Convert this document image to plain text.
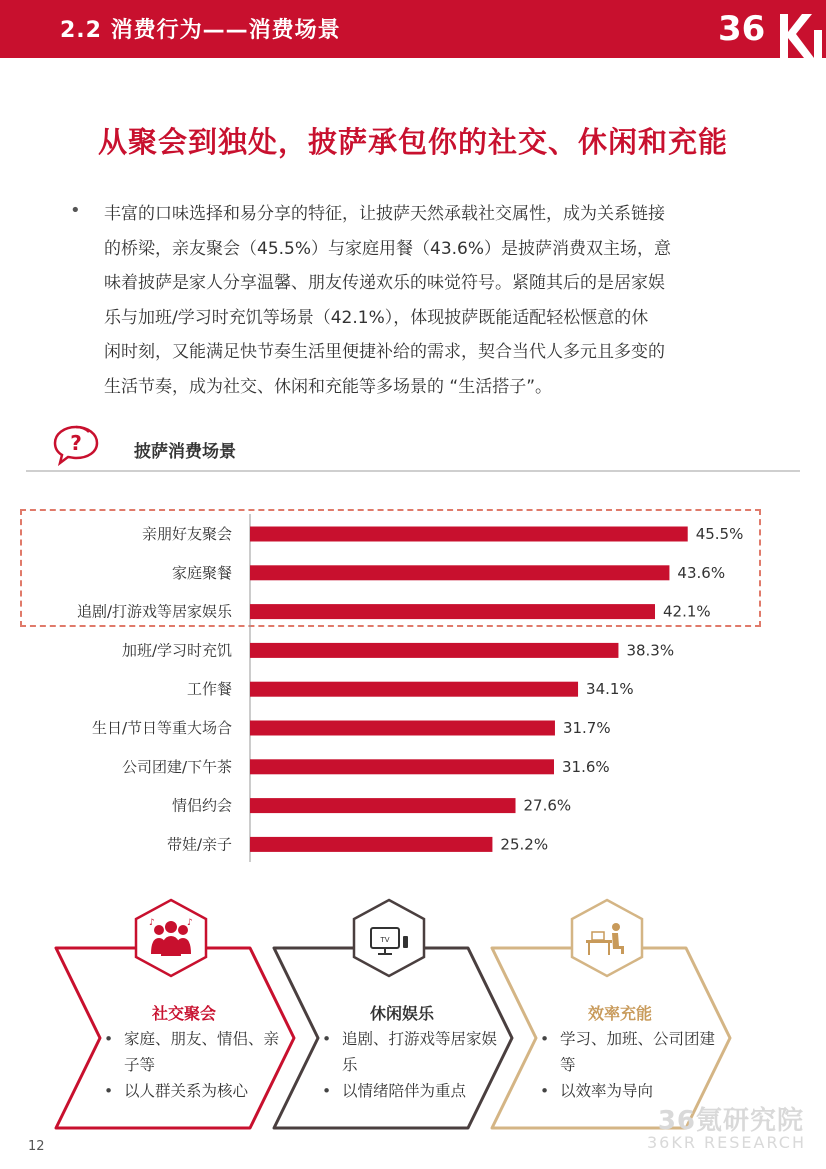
2.2 消费行为——消费场景	36
从聚会到独处，披萨承包你的社交、休闲和充能
• 丰富的口味选择和易分享的特征，让披萨天然承载社交属性，成为关系链接
的桥梁，亲友聚会（45.5%）与家庭用餐（43.6%）是披萨消费双主场，意
味着披萨是家人分享温馨、朋友传递欢乐的味觉符号。紧随其后的是居家娱
乐与加班/学习时充饥等场景（42.1%），体现披萨既能适配轻松惬意的休
闲时刻，又能满足快节奏生活里便捷补给的需求，契合当代人多元且多变的
生活节奏，成为社交、休闲和充能等多场景的 “生活搭子”。
?	披萨消费场景
亲朋好友聚会	45.5%
家庭聚餐	43.6%
追剧/打游戏等居家娱乐	42.1%
加班/学习时充饥	38.3%
工作餐	34.1%
生日/节日等重大场合	31.7%
公司团建/下午茶	31.6%
情侣约会	27.6%
带娃/亲子	25.2%
社交聚会
• 家庭、朋友、情侣、亲子等
• 以人群关系为核心
♪	♪
休闲娱乐
• 追剧、打游戏等居家娱乐
• 以情绪陪伴为重点
TV
效率充能
• 学习、加班、公司团建等
• 以效率为导向
12
36氪研究院
36KR RESEARCH
